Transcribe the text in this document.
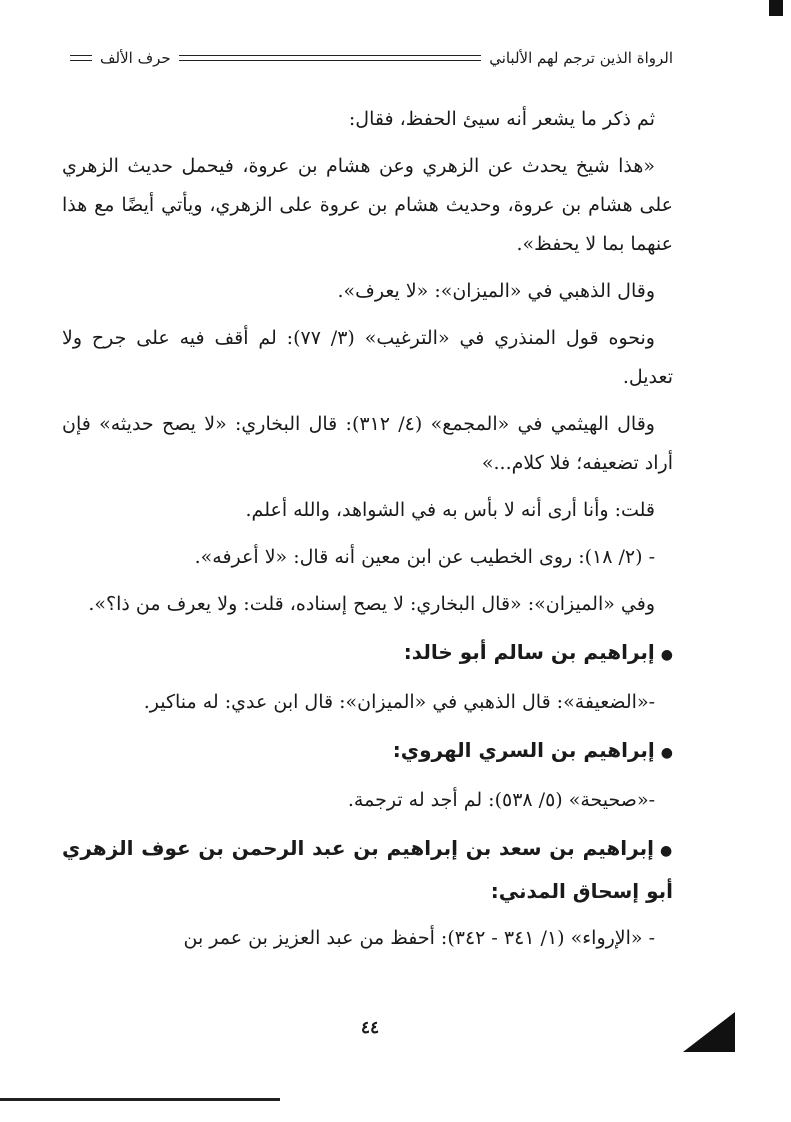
الرواة الذين ترجم لهم الألباني
حرف الألف

ثم ذكر ما يشعر أنه سيئ الحفظ، فقال:

«هذا شيخ يحدث عن الزهري وعن هشام بن عروة، فيحمل حديث الزهري على هشام بن عروة، وحديث هشام بن عروة على الزهري، ويأتي أيضًا مع هذا عنهما بما لا يحفظ».

وقال الذهبي في «الميزان»: «لا يعرف».

ونحوه قول المنذري في «الترغيب» (٣/ ٧٧): لم أقف فيه على جرح ولا تعديل.

وقال الهيثمي في «المجمع» (٤/ ٣١٢): قال البخاري: «لا يصح حديثه» فإن أراد تضعيفه؛ فلا كلام...»

قلت: وأنا أرى أنه لا بأس به في الشواهد، والله أعلم.

- (٢/ ١٨): روى الخطيب عن ابن معين أنه قال: «لا أعرفه».

وفي «الميزان»: «قال البخاري: لا يصح إسناده، قلت: ولا يعرف من ذا؟».

●إبراهيم بن سالم أبو خالد:

-«الضعيفة»: قال الذهبي في «الميزان»: قال ابن عدي: له مناكير.

●إبراهيم بن السري الهروي:

-«صحيحة» (٥/ ٥٣٨): لم أجد له ترجمة.

●إبراهيم بن سعد بن إبراهيم بن عبد الرحمن بن عوف الزهري أبو إسحاق المدني:

- «الإرواء» (١/ ٣٤١ - ٣٤٢): أحفظ من عبد العزيز بن عمر بن

٤٤
